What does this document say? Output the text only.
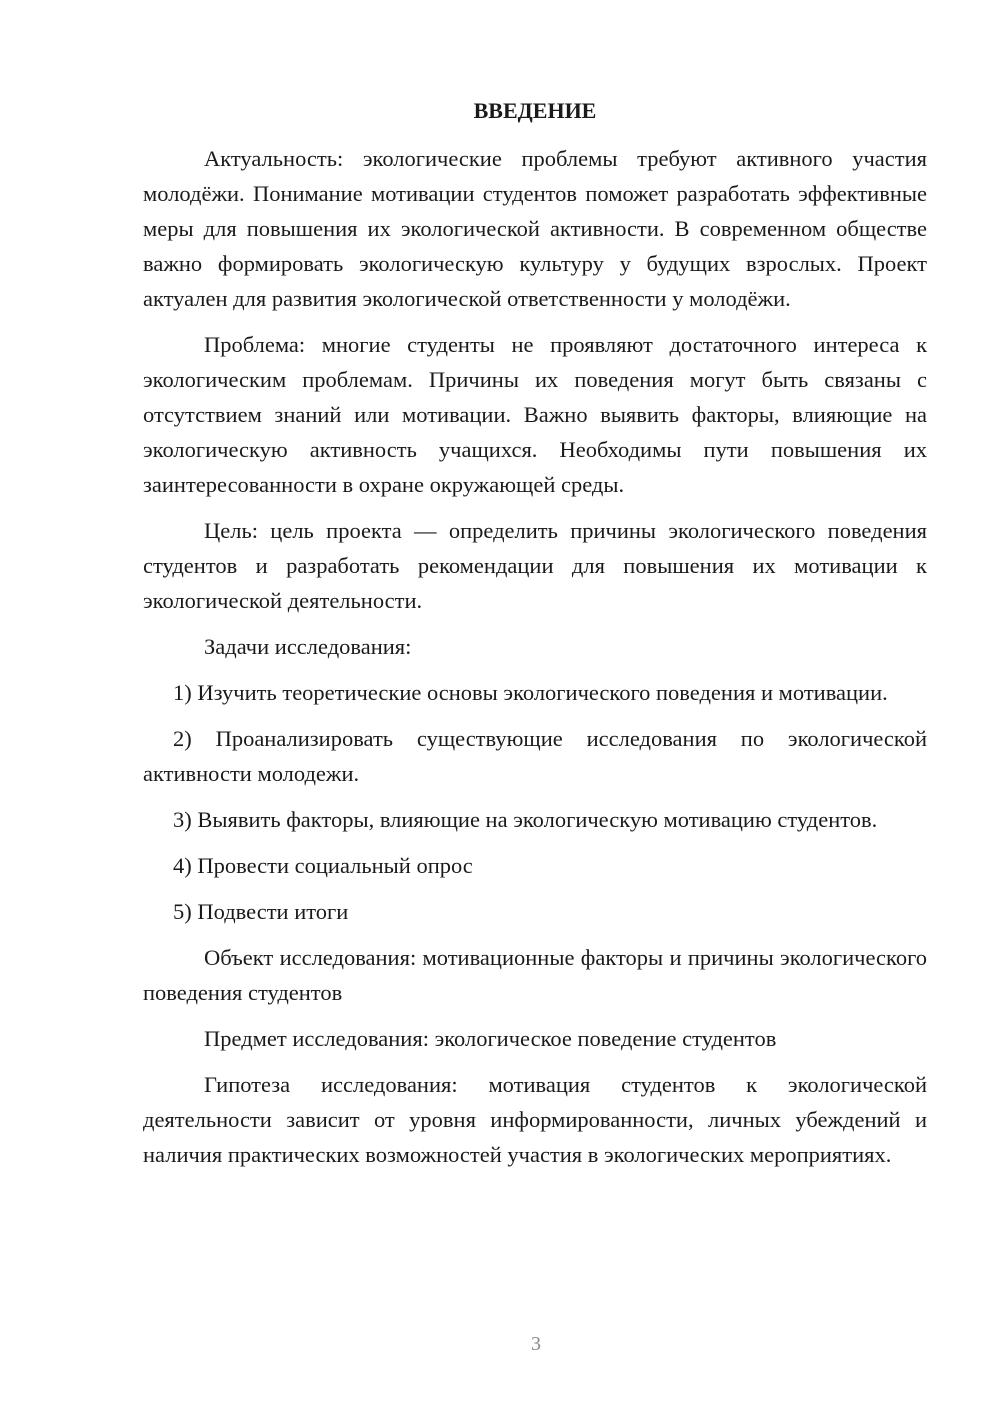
ВВЕДЕНИЕ

Актуальность: экологические проблемы требуют активного участия молодёжи. Понимание мотивации студентов поможет разработать эффективные меры для повышения их экологической активности. В современном обществе важно формировать экологическую культуру у будущих взрослых. Проект актуален для развития экологической ответственности у молодёжи.

Проблема: многие студенты не проявляют достаточного интереса к экологическим проблемам. Причины их поведения могут быть связаны с отсутствием знаний или мотивации. Важно выявить факторы, влияющие на экологическую активность учащихся. Необходимы пути повышения их заинтересованности в охране окружающей среды.

Цель: цель проекта — определить причины экологического поведения студентов и разработать рекомендации для повышения их мотивации к экологической деятельности.

Задачи исследования:

1) Изучить теоретические основы экологического поведения и мотивации.

2) Проанализировать существующие исследования по экологической активности молодежи.

3) Выявить факторы, влияющие на экологическую мотивацию студентов.

4) Провести социальный опрос

5) Подвести итоги

Объект исследования: мотивационные факторы и причины экологического поведения студентов

Предмет исследования: экологическое поведение студентов

Гипотеза исследования: мотивация студентов к экологической деятельности зависит от уровня информированности, личных убеждений и наличия практических возможностей участия в экологических мероприятиях.

3
